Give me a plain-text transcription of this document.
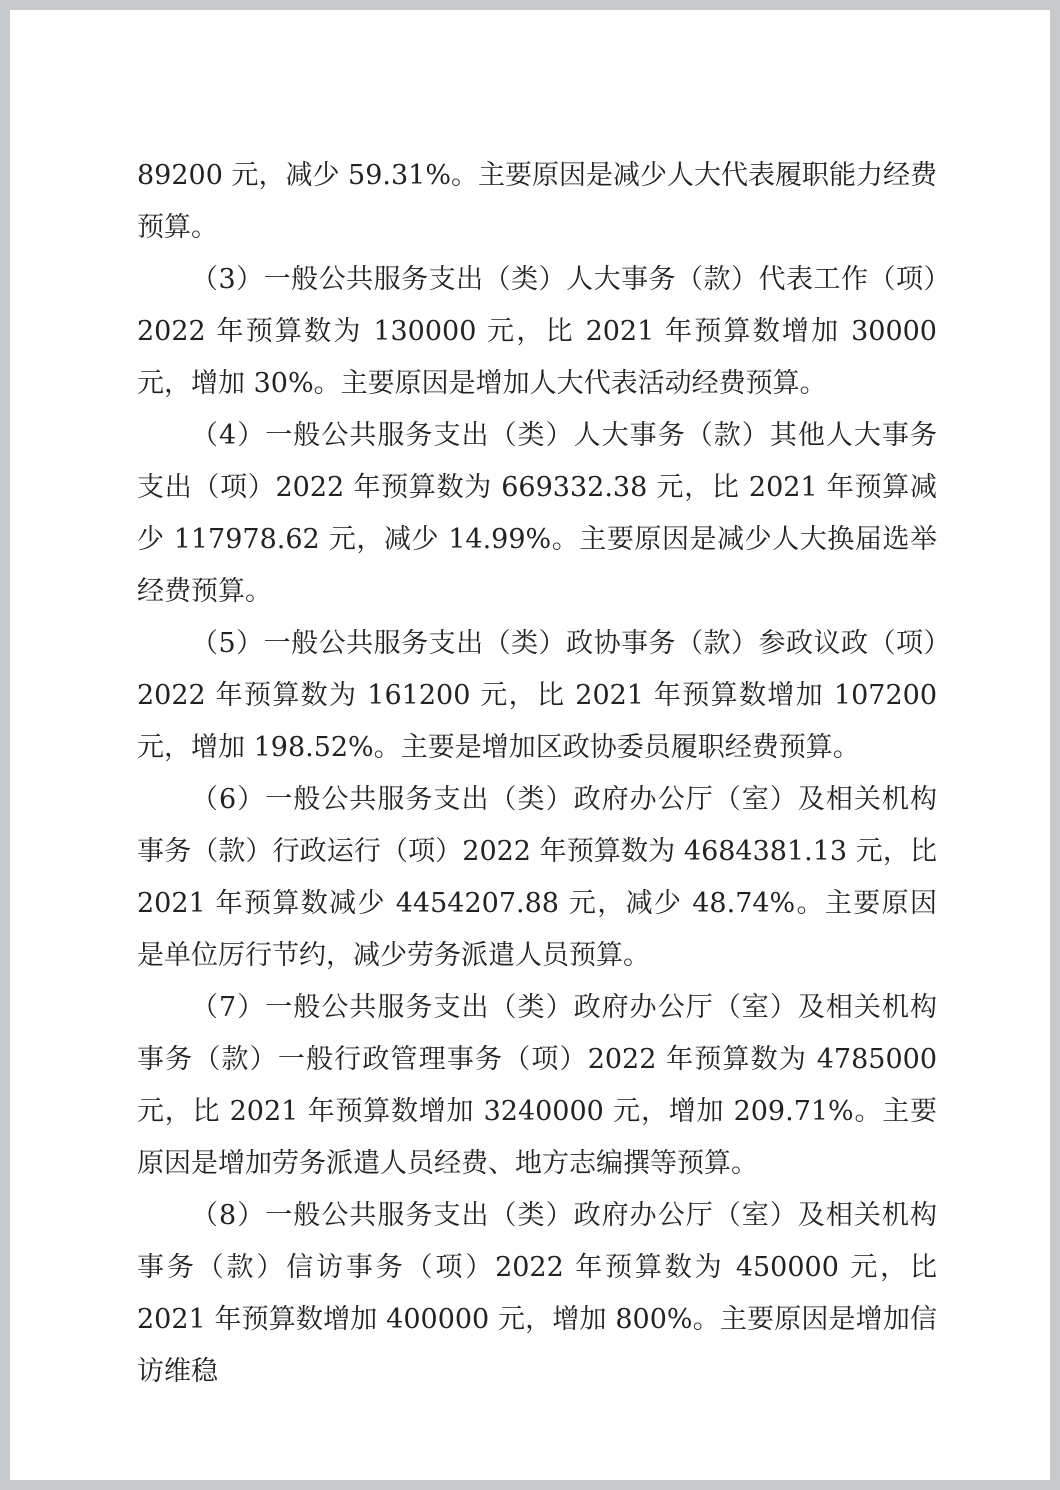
89200 元，减少 59.31%。主要原因是减少人大代表履职能力经费预算。

（3）一般公共服务支出（类）人大事务（款）代表工作（项）2022 年预算数为 130000 元，比 2021 年预算数增加 30000 元，增加 30%。主要原因是增加人大代表活动经费预算。

（4）一般公共服务支出（类）人大事务（款）其他人大事务支出（项）2022 年预算数为 669332.38 元，比 2021 年预算减少 117978.62 元，减少 14.99%。主要原因是减少人大换届选举经费预算。

（5）一般公共服务支出（类）政协事务（款）参政议政（项）2022 年预算数为 161200 元，比 2021 年预算数增加 107200 元，增加 198.52%。主要是增加区政协委员履职经费预算。

（6）一般公共服务支出（类）政府办公厅（室）及相关机构事务（款）行政运行（项）2022 年预算数为 4684381.13 元，比 2021 年预算数减少 4454207.88 元，减少 48.74%。主要原因是单位厉行节约，减少劳务派遣人员预算。

（7）一般公共服务支出（类）政府办公厅（室）及相关机构事务（款）一般行政管理事务（项）2022 年预算数为 4785000 元，比 2021 年预算数增加 3240000 元，增加 209.71%。主要原因是增加劳务派遣人员经费、地方志编撰等预算。

（8）一般公共服务支出（类）政府办公厅（室）及相关机构事务（款）信访事务（项）2022 年预算数为 450000 元，比 2021 年预算数增加 400000 元，增加 800%。主要原因是增加信访维稳
